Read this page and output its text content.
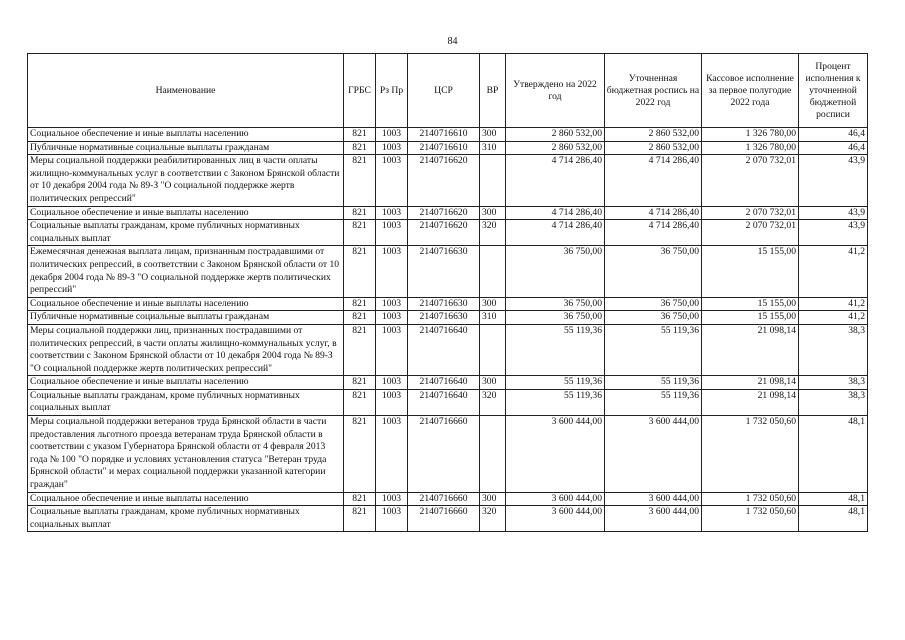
84
Наименование	ГРБС	Рз Пр	ЦСР	ВР	Утверждено на 2022 год	Уточненная бюджетная роспись на 2022 год	Кассовое исполнение за первое полугодие 2022 года	Процент исполнения к уточненной бюджетной росписи
Социальное обеспечение и иные выплаты населению	821	1003	2140716610	300	2 860 532,00	2 860 532,00	1 326 780,00	46,4
Публичные нормативные социальные выплаты гражданам	821	1003	2140716610	310	2 860 532,00	2 860 532,00	1 326 780,00	46,4
Меры социальной поддержки реабилитированных лиц в части оплаты жилищно-коммунальных услуг в соответствии с Законом Брянской области от 10 декабря 2004 года № 89-З "О социальной поддержке жертв политических репрессий"	821	1003	2140716620		4 714 286,40	4 714 286,40	2 070 732,01	43,9
Социальное обеспечение и иные выплаты населению	821	1003	2140716620	300	4 714 286,40	4 714 286,40	2 070 732,01	43,9
Социальные выплаты гражданам, кроме публичных нормативных социальных выплат	821	1003	2140716620	320	4 714 286,40	4 714 286,40	2 070 732,01	43,9
Ежемесячная денежная выплата лицам, признанным пострадавшими от политических репрессий, в соответствии с Законом Брянской области от 10 декабря 2004 года № 89-З "О социальной поддержке жертв политических репрессий"	821	1003	2140716630		36 750,00	36 750,00	15 155,00	41,2
Социальное обеспечение и иные выплаты населению	821	1003	2140716630	300	36 750,00	36 750,00	15 155,00	41,2
Публичные нормативные социальные выплаты гражданам	821	1003	2140716630	310	36 750,00	36 750,00	15 155,00	41,2
Меры социальной поддержки лиц, признанных пострадавшими от политических репрессий, в части оплаты жилищно-коммунальных услуг, в соответствии с Законом Брянской области от 10 декабря 2004 года № 89-З "О социальной поддержке жертв политических репрессий"	821	1003	2140716640		55 119,36	55 119,36	21 098,14	38,3
Социальное обеспечение и иные выплаты населению	821	1003	2140716640	300	55 119,36	55 119,36	21 098,14	38,3
Социальные выплаты гражданам, кроме публичных нормативных социальных выплат	821	1003	2140716640	320	55 119,36	55 119,36	21 098,14	38,3
Меры социальной поддержки ветеранов труда Брянской области в части предоставления льготного проезда ветеранам труда Брянской области в соответствии с указом Губернатора Брянской области от 4 февраля 2013 года № 100 "О порядке и условиях установления статуса "Ветеран труда Брянской области" и мерах социальной поддержки указанной категории граждан"	821	1003	2140716660		3 600 444,00	3 600 444,00	1 732 050,60	48,1
Социальное обеспечение и иные выплаты населению	821	1003	2140716660	300	3 600 444,00	3 600 444,00	1 732 050,60	48,1
Социальные выплаты гражданам, кроме публичных нормативных социальных выплат	821	1003	2140716660	320	3 600 444,00	3 600 444,00	1 732 050,60	48,1
